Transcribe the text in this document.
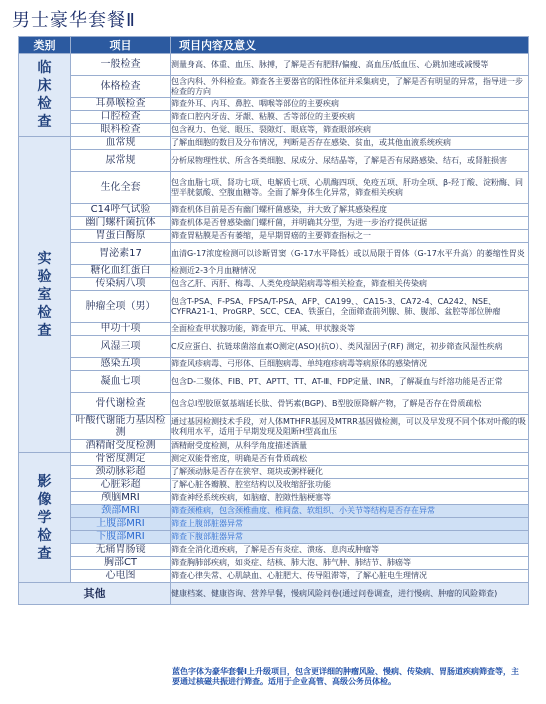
男士豪华套餐Ⅱ
类别	项目	项目内容及意义

临床检查	一般检查	测量身高、体重、血压、脉搏，了解是否有肥胖/偏瘦、高血压/低血压、心跳加速或减慢等
	体格检查	包含内科、外科检查。筛查各主要器官的阳性体征并采集病史，了解是否有明显的异常，指导进一步检查的方向
	耳鼻喉检查	筛查外耳、内耳、鼻腔、咽喉等部位的主要疾病
	口腔检查	筛查口腔内牙齿、牙龈、粘膜、舌等部位的主要疾病
	眼科检查	包含视力、色觉、眼压、裂隙灯、眼底等，筛查眼部疾病

实验室检查	血常规	了解血细胞的数目及分布情况，判断是否存在感染、贫血，或其他血液系统疾病
	尿常规	分析尿物理性状、所含各类细胞、尿成分、尿结晶等，了解是否有尿路感染、结石，或肾脏损害
	生化全套	包含血脂七项、肾功七项、电解质七项、心肌酶四项、免疫五项、肝功全项、β-羟丁酸、淀粉酶、同型半胱氨酸、空腹血糖等。全面了解身体生化异常，筛查相关疾病
	C14呼气试验	筛查机体目前是否有幽门螺杆菌感染，并大致了解其感染程度
	幽门螺杆菌抗体	筛查机体是否曾感染幽门螺杆菌，并明确其分型，为进一步治疗提供证据
	胃蛋白酶原	筛查胃粘膜是否有萎缩，是早期胃癌的主要筛查指标之一
	胃泌素17	血清G-17浓度检测可以诊断胃窦（G-17水平降低）或以局限于胃体（G-17水平升高）的萎缩性胃炎
	糖化血红蛋白	检测近2-3个月血糖情况
	传染病八项	包含乙肝、丙肝、梅毒、人类免疫缺陷病毒等相关检查，筛查相关传染病
	肿瘤全项（男）	包含T-PSA、F-PSA、FPSA/T-PSA、AFP、CA199、、CA15-3、CA72-4、CA242、NSE、CYFRA21-1、ProGRP、SCC、CEA、铁蛋白，全面筛查前列腺、肺、腹部、盆腔等部位肿瘤
	甲功十项	全面检查甲状腺功能，筛查甲亢、甲减、甲状腺炎等
	风湿三项	C反应蛋白、抗链球菌溶血素O测定(ASO)(抗O）、类风湿因子(RF) 测定，初步筛查风湿性疾病
	感染五项	筛查风疹病毒、弓形体、巨细胞病毒、单纯疱疹病毒等病原体的感染情况
	凝血七项	包含D-二聚体、FIB、PT、APTT、TT、AT-Ⅲ、FDP定量、INR，了解凝血与纤溶功能是否正常
	骨代谢检查	包含总I型胶原氨基端延长肽、骨钙素(BGP)、B型胶原降解产物，了解是否存在骨质疏松
	叶酸代谢能力基因检测	通过基因检测技术手段，对人体MTHFR基因及MTRR基因做检测，可以及早发现不同个体对叶酸的吸收利用水平，适用于早期发现及阻断H型高血压
	酒精耐受度检测	酒精耐受度检测，从科学角度描述酒量

影像学检查	骨密度测定	测定双能骨密度，明确是否有骨质疏松
	颈动脉彩超	了解颈动脉是否存在狭窄、斑块或粥样硬化
	心脏彩超	了解心脏各瓣膜、腔室结构以及收缩舒张功能
	颅脑MRI	筛查神经系统疾病，如脑瘤、腔隙性脑梗塞等
	颈部MRI	筛查颈椎病，包含颈椎曲度、椎间盘、软组织、小关节等结构是否存在异常
	上腹部MRI	筛查上腹部脏器异常
	下腹部MRI	筛查下腹部脏器异常
	无痛胃肠镜	筛查全消化道疾病，了解是否有炎症、溃疡、息肉或肿瘤等
	胸部CT	筛查胸肺部疾病，如炎症、结核、肺大泡、肺气肿、肺结节、肺癌等
	心电图	筛查心律失常、心肌缺血、心脏肥大、传导阻滞等，了解心脏电生理情况
其他		健康档案、健康咨询、营养早餐，慢病风险问卷(通过问卷调查，进行慢病、肿瘤的风险筛查)
蓝色字体为豪华套餐Ⅰ上升级项目，包含更详细的肿瘤风险、慢病、传染病、胃肠道疾病筛查等，主要通过核磁共振进行筛查。适用于企业高管、高级公务员体检。
